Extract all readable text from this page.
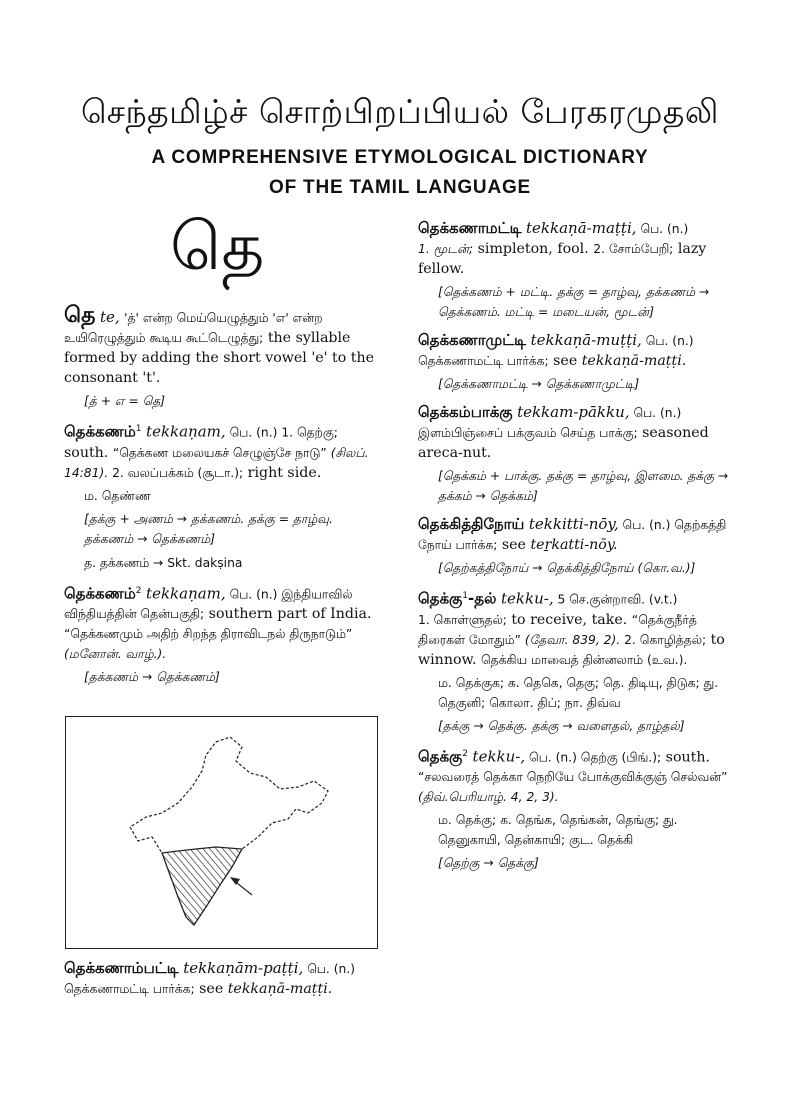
செந்தமிழ்ச் சொற்பிறப்பியல் பேரகரமுதலி
A COMPREHENSIVE ETYMOLOGICAL DICTIONARY
OF THE TAMIL LANGUAGE
தெ
தெ te, 'த்' என்ற மெய்யெழுத்தும் 'எ' என்ற உயிரெழுத்தும் கூடிய கூட்டெழுத்து; the syllable formed by adding the short vowel 'e' to the consonant 't'.
[த் + எ = தெ]
தெக்கணம்$^1$ tekkaṇam, பெ. (n.) 1. தெற்கு; south. “தெக்கண மலையகச் செழுஞ்சே நாடு” (சிலப். 14:81). 2. வலப்பக்கம் (சூடா.); right side.
ம. தெண்ண
[தக்கு + அணம் → தக்கணம். தக்கு = தாழ்வு. தக்கணம் → தெக்கணம்]
த. தக்கணம் → Skt. dakṣina
தெக்கணம்$^2$ tekkaṇam, பெ. (n.) இந்தியாவில் விந்தியத்தின் தென்பகுதி; southern part of India. “தெக்கணமும் அதிற் சிறந்த திராவிடநல் திருநாடும்” (மனோன். வாழ்.).
[தக்கணம் → தெக்கணம்]
தெக்கணாம்பட்டி tekkaṇām-paṭṭi, பெ. (n.)
தெக்கணாமட்டி பார்க்க; see tekkaṇā-maṭṭi.
தெக்கணாமட்டி tekkaṇā-maṭṭi, பெ. (n.)
1. மூடன்; simpleton, fool. 2. சோம்பேறி; lazy fellow.
[தெக்கணம் + மட்டி. தக்கு = தாழ்வு, தக்கணம் → தெக்கணம். மட்டி = மடையன், மூடன்]
தெக்கணாமுட்டி tekkaṇā-muṭṭi, பெ. (n.)
தெக்கணாமட்டி பார்க்க; see tekkaṇā-maṭṭi.
[தெக்கணாமட்டி → தெக்கணாமுட்டி]
தெக்கம்பாக்கு tekkam-pākku, பெ. (n.)
இளம்பிஞ்சைப் பக்குவம் செய்த பாக்கு; seasoned areca-nut.
[தெக்கம் + பாக்கு. தக்கு = தாழ்வு, இளமை. தக்கு → தக்கம் → தெக்கம்]
தெக்கித்திநோய் tekkitti-nōy, பெ. (n.) தெற்கத்தி நோய் பார்க்க; see teṟkatti-nōy.
[தெற்கத்திநோய் → தெக்கித்திநோய் (கொ.வ.)]
தெக்கு$^1$-தல் tekku-, 5 செ.குன்றாவி. (v.t.)
1. கொள்ளுதல்; to receive, take. “தெக்குநீர்த் திரைகள் மோதும்” (தேவா. 839, 2). 2. கொழித்தல்; to winnow. தெக்கிய மாவைத் தின்னலாம் (உவ.).
ம. தெக்குக; க. தெகெ, தெகு; தெ. திடியு, திடுக; து. தெகுனி; கொலா. திப்; நா. திவ்வ
[தக்கு → தெக்கு. தக்கு → வளைதல், தாழ்தல்]
தெக்கு$^2$ tekku-, பெ. (n.) தெற்கு (பிங்.); south. “சலவரைத் தெக்கா நெறியே போக்குவிக்குஞ் செல்வன்” (திவ்.பெரியாழ். 4, 2, 3).
ம. தெக்கு; க. தெங்க, தெங்கன், தெங்கு; து. தெனுகாயி, தென்காயி; குட. தெக்கி
[தெற்கு → தெக்கு]
